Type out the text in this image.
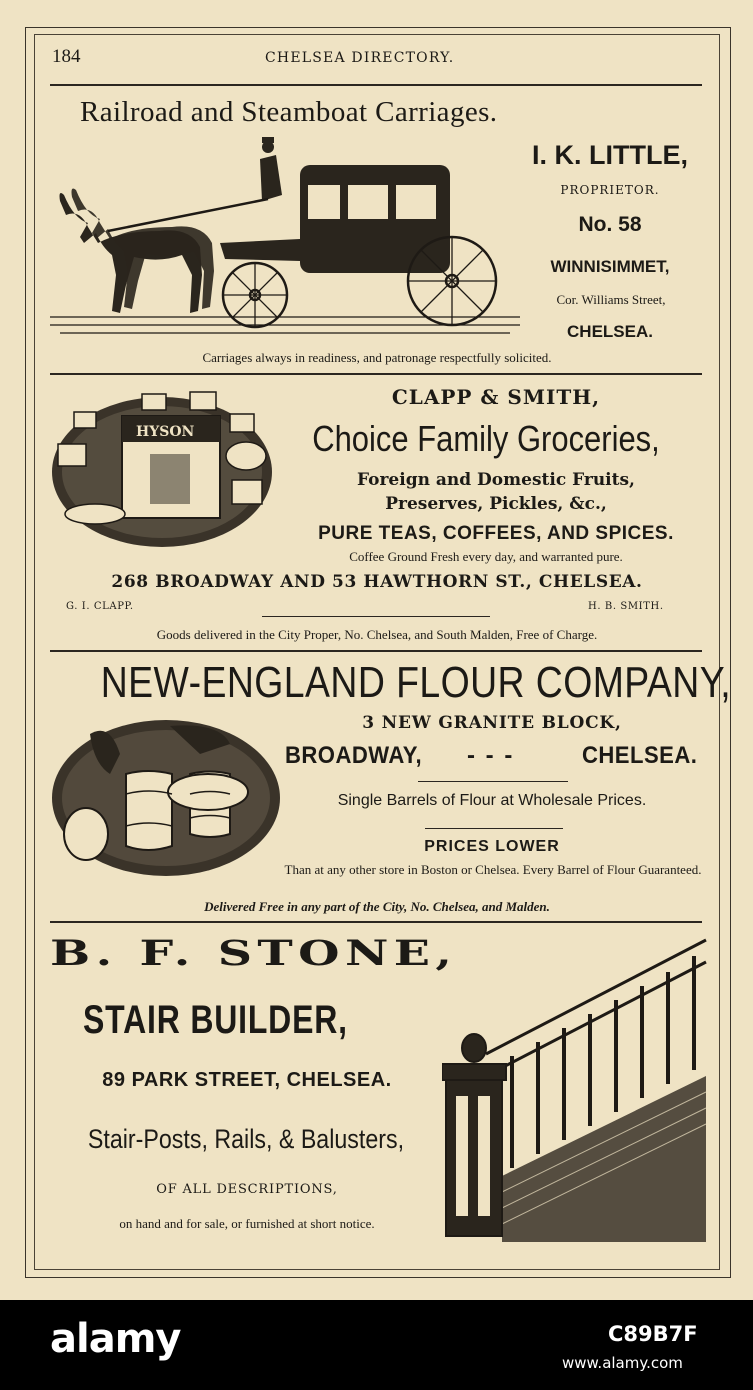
184	CHELSEA DIRECTORY.
Railroad and Steamboat Carriages.
I. K. LITTLE,
PROPRIETOR.
No. 58
WINNISIMMET,
Cor. Williams Street,
CHELSEA.
Carriages always in readiness, and patronage respectfully solicited.
HYSON
CLAPP & SMITH,
Choice Family Groceries,
Foreign and Domestic Fruits,
Preserves, Pickles, &c.,
PURE TEAS, COFFEES, AND SPICES.
Coffee Ground Fresh every day, and warranted pure.
268 BROADWAY AND 53 HAWTHORN ST., CHELSEA.
G. I. CLAPP.	H. B. SMITH.
Goods delivered in the City Proper, No. Chelsea, and South Malden, Free of Charge.
NEW-ENGLAND FLOUR COMPANY,
3 NEW GRANITE BLOCK,
BROADWAY, - - -	CHELSEA.
Single Barrels of Flour at Wholesale Prices.
PRICES LOWER
Than at any other store in Boston or Chelsea. Every Barrel of Flour Guaranteed.
Delivered Free in any part of the City, No. Chelsea, and Malden.
B. F. STONE,
STAIR BUILDER,
89 PARK STREET, CHELSEA.
Stair-Posts, Rails, & Balusters,
OF ALL DESCRIPTIONS,
on hand and for sale, or furnished at short notice.
alamy	C89B7F
www.alamy.com
